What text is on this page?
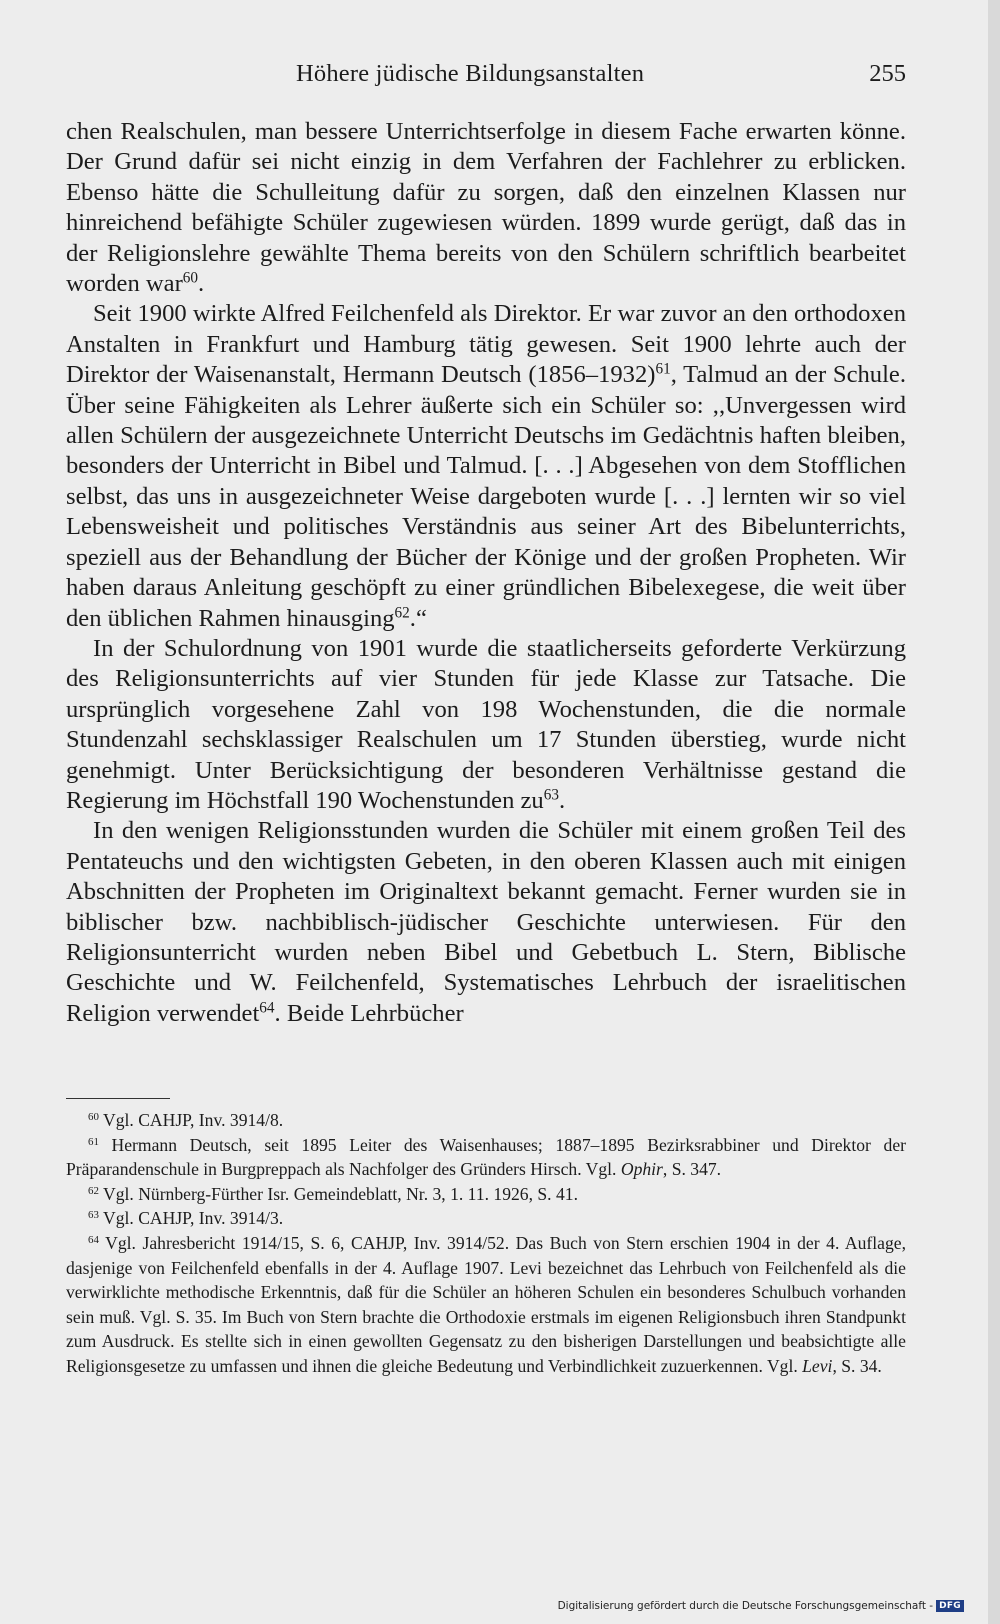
Höhere jüdische Bildungsanstalten	255

chen Realschulen, man bessere Unterrichtserfolge in diesem Fache erwarten könne. Der Grund dafür sei nicht einzig in dem Verfahren der Fachlehrer zu erblicken. Ebenso hätte die Schulleitung dafür zu sorgen, daß den einzelnen Klassen nur hinreichend befähigte Schüler zugewiesen würden. 1899 wurde gerügt, daß das in der Religionslehre gewählte Thema bereits von den Schülern schriftlich bearbeitet worden war$^{60}$.

Seit 1900 wirkte Alfred Feilchenfeld als Direktor. Er war zuvor an den orthodoxen Anstalten in Frankfurt und Hamburg tätig gewesen. Seit 1900 lehrte auch der Direktor der Waisenanstalt, Hermann Deutsch (1856–1932)$^{61}$, Talmud an der Schule. Über seine Fähigkeiten als Lehrer äußerte sich ein Schüler so: ,,Unvergessen wird allen Schülern der ausgezeichnete Unterricht Deutschs im Gedächtnis haften bleiben, besonders der Unterricht in Bibel und Talmud. [. . .] Abgesehen von dem Stofflichen selbst, das uns in ausgezeichneter Weise dargeboten wurde [. . .] lernten wir so viel Lebensweisheit und politisches Verständnis aus seiner Art des Bibelunterrichts, speziell aus der Behandlung der Bücher der Könige und der großen Propheten. Wir haben daraus Anleitung geschöpft zu einer gründlichen Bibelexegese, die weit über den üblichen Rahmen hinausging$^{62}$.“

In der Schulordnung von 1901 wurde die staatlicherseits geforderte Verkürzung des Religionsunterrichts auf vier Stunden für jede Klasse zur Tatsache. Die ursprünglich vorgesehene Zahl von 198 Wochenstunden, die die normale Stundenzahl sechsklassiger Realschulen um 17 Stunden überstieg, wurde nicht genehmigt. Unter Berücksichtigung der besonderen Verhältnisse gestand die Regierung im Höchstfall 190 Wochenstunden $zu^{63}$.

In den wenigen Religionsstunden wurden die Schüler mit einem großen Teil des Pentateuchs und den wichtigsten Gebeten, in den oberen Klassen auch mit einigen Abschnitten der Propheten im Originaltext bekannt gemacht. Ferner wurden sie in biblischer bzw. nachbiblisch-jüdischer Geschichte unterwiesen. Für den Religionsunterricht wurden neben Bibel und Gebetbuch L. Stern, Biblische Geschichte und W. Feilchenfeld, Systematisches Lehrbuch der israelitischen Religion verwendet$^{64}$. Beide Lehrbücher

$^{60}$ Vgl. CAHJP, Inv. 3914/8.

$^{61}$ Hermann Deutsch, seit 1895 Leiter des Waisenhauses; 1887–1895 Bezirksrabbiner und Direktor der Präparandenschule in Burgpreppach als Nachfolger des Gründers Hirsch. Vgl. Ophir, S. 347.

$^{62}$ Vgl. Nürnberg-Fürther Isr. Gemeindeblatt, Nr. 3, 1. 11. 1926, S. 41.

$^{63}$ Vgl. CAHJP, Inv. 3914/3.

$^{64}$ Vgl. Jahresbericht 1914/15, S. 6, CAHJP, Inv. 3914/52. Das Buch von Stern erschien 1904 in der 4. Auflage, dasjenige von Feilchenfeld ebenfalls in der 4. Auflage 1907. Levi bezeichnet das Lehrbuch von Feilchenfeld als die verwirklichte methodische Erkenntnis, daß für die Schüler an höheren Schulen ein besonderes Schulbuch vorhanden sein muß. Vgl. S. 35. Im Buch von Stern brachte die Orthodoxie erstmals im eigenen Religionsbuch ihren Standpunkt zum Ausdruck. Es stellte sich in einen gewollten Gegensatz zu den bisherigen Darstellungen und beabsichtigte alle Religionsgesetze zu umfassen und ihnen die gleiche Bedeutung und Verbindlichkeit zuzuerkennen. Vgl. Levi, S. 34.

Digitalisierung gefördert durch die Deutsche Forschungsgemeinschaft - DFG
